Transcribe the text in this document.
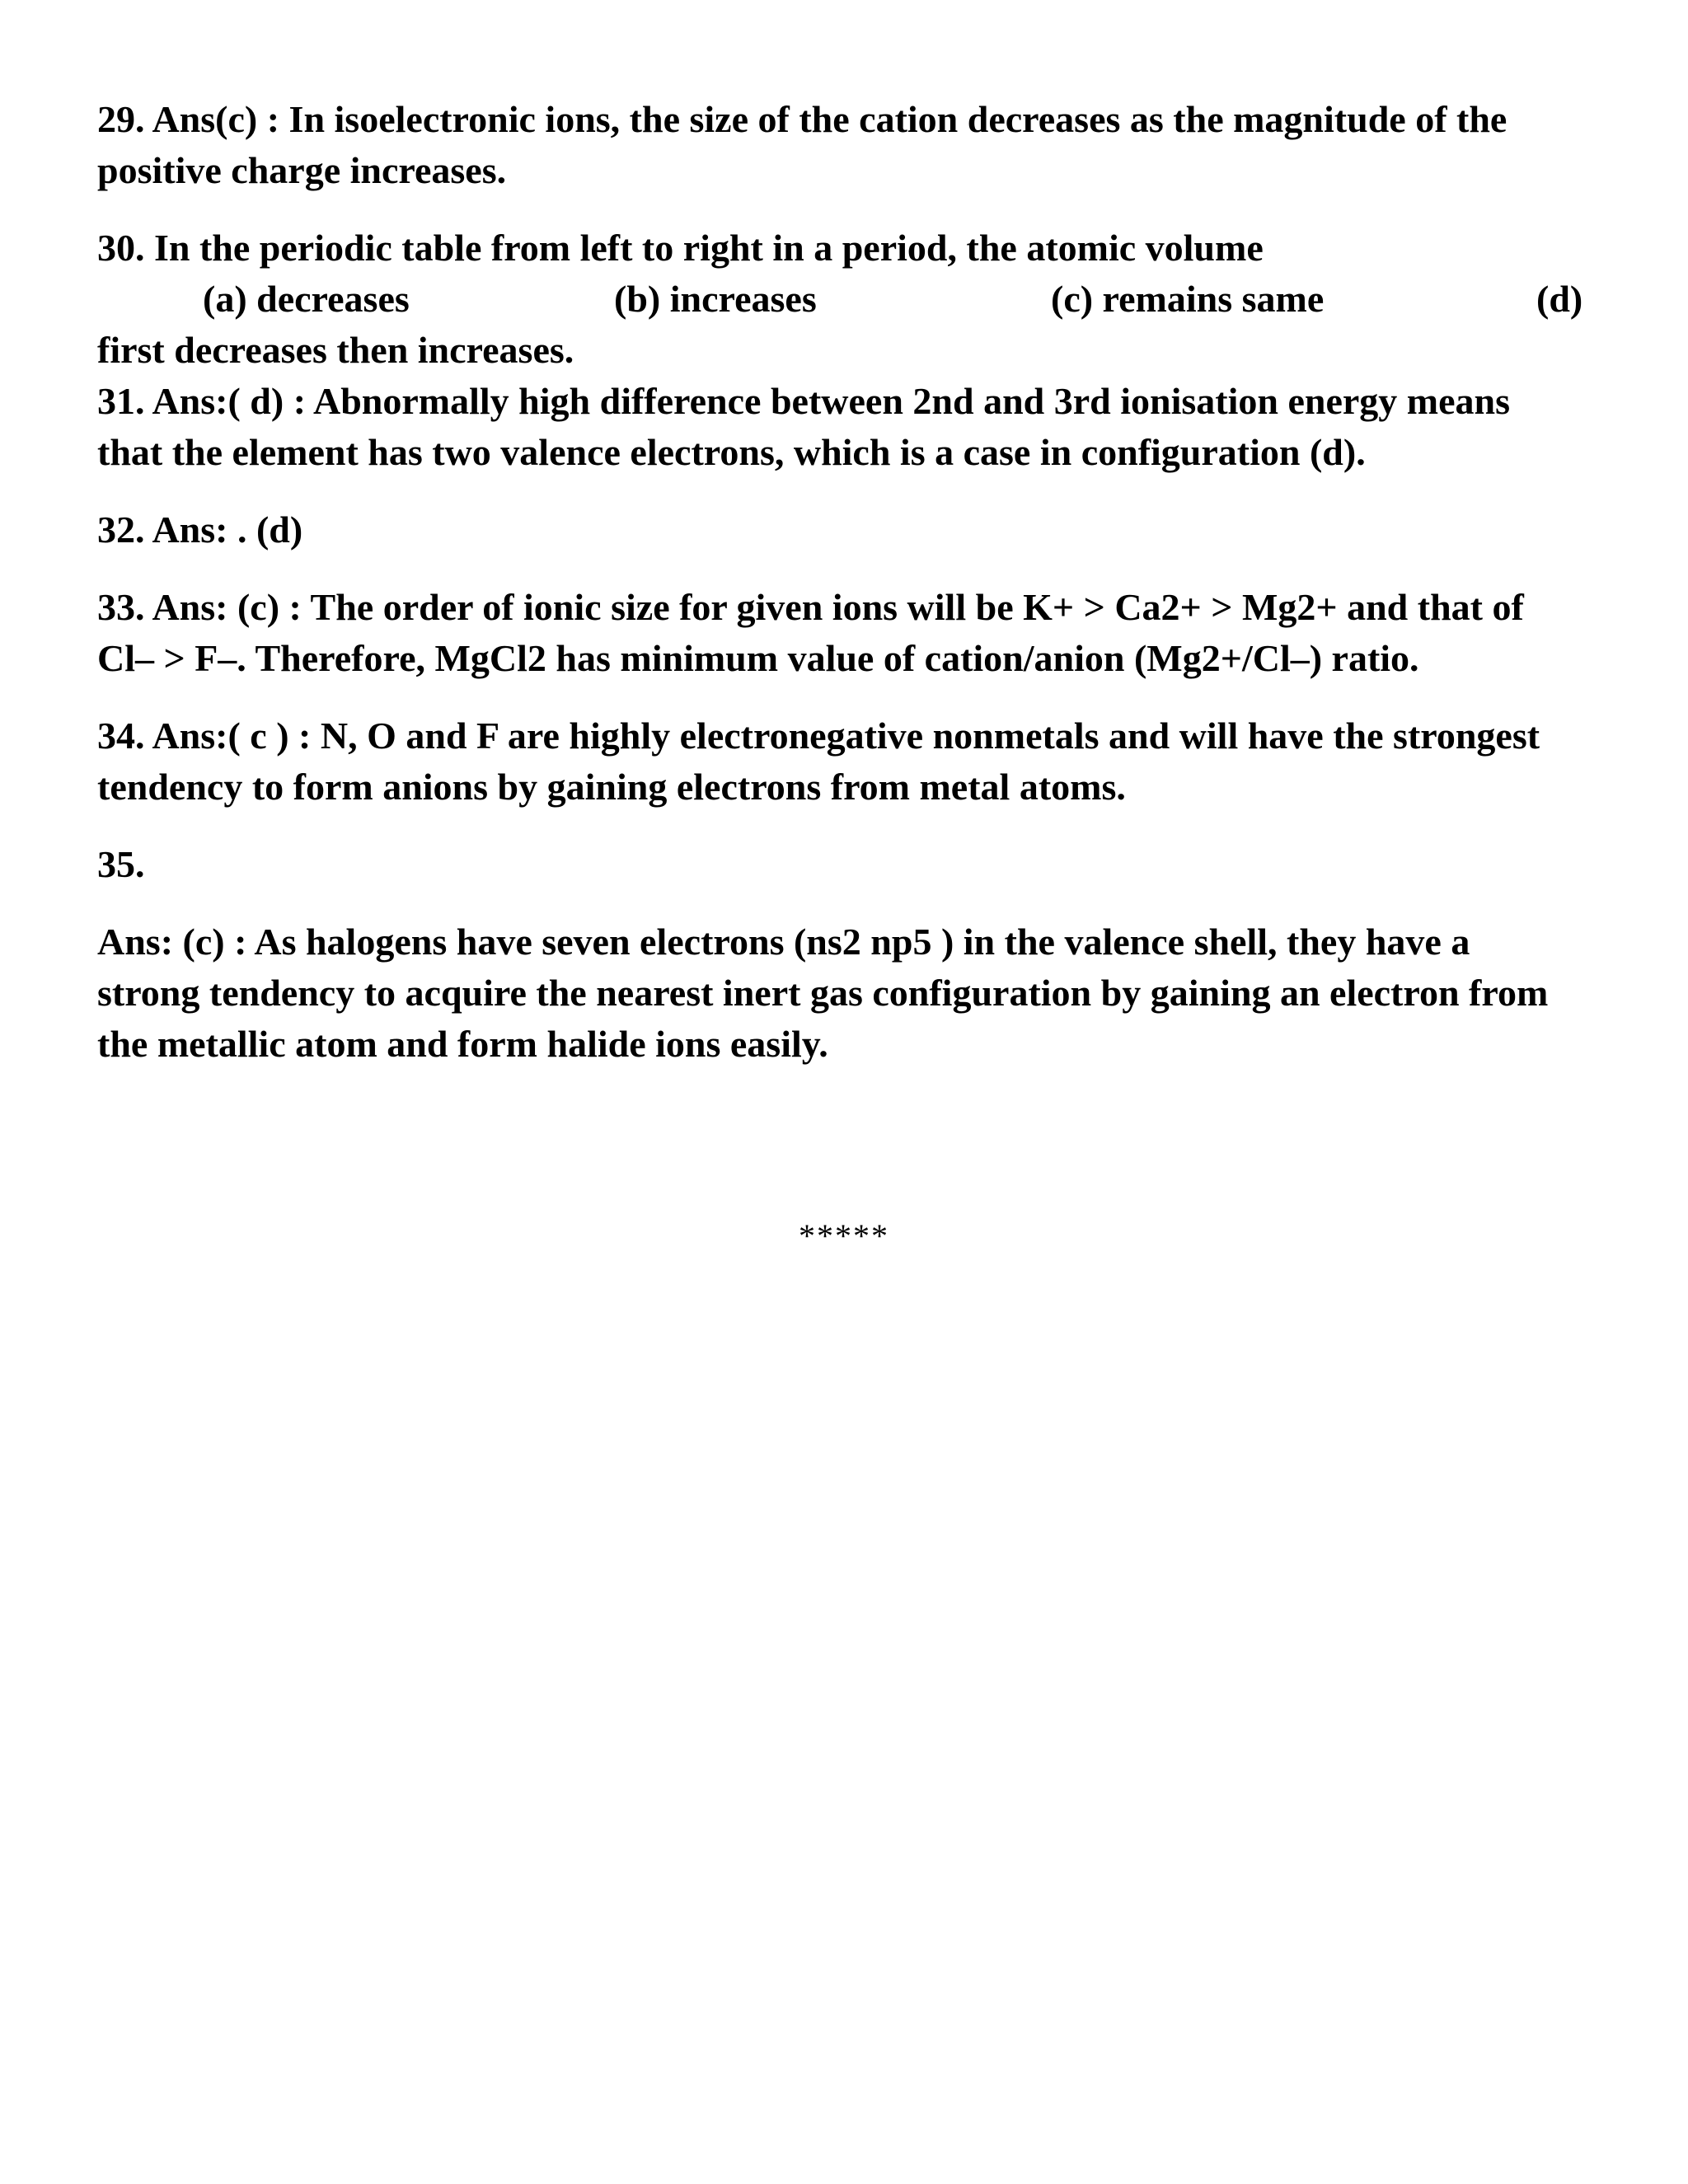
29. Ans(c) : In isoelectronic ions, the size of the cation decreases as the magnitude of the
positive charge increases.
30. In the periodic table from left to right in a period, the atomic volume
(a) decreases	(b) increases	(c) remains same	(d)
first decreases then increases.
31. Ans:( d) : Abnormally high difference between 2nd and 3rd ionisation energy means
that the element has two valence electrons, which is a case in configuration (d).
32. Ans: . (d)
33. Ans: (c) : The order of ionic size for given ions will be K+ > Ca2+ > Mg2+ and that of
Cl– > F–. Therefore, MgCl2 has minimum value of cation/anion (Mg2+/Cl–) ratio.
34. Ans:( c ) : N, O and F are highly electronegative nonmetals and will have the strongest
tendency to form anions by gaining electrons from metal atoms.
35.
Ans: (c) : As halogens have seven electrons (ns2 np5 ) in the valence shell, they have a
strong tendency to acquire the nearest inert gas configuration by gaining an electron from
the metallic atom and form halide ions easily.
*****
